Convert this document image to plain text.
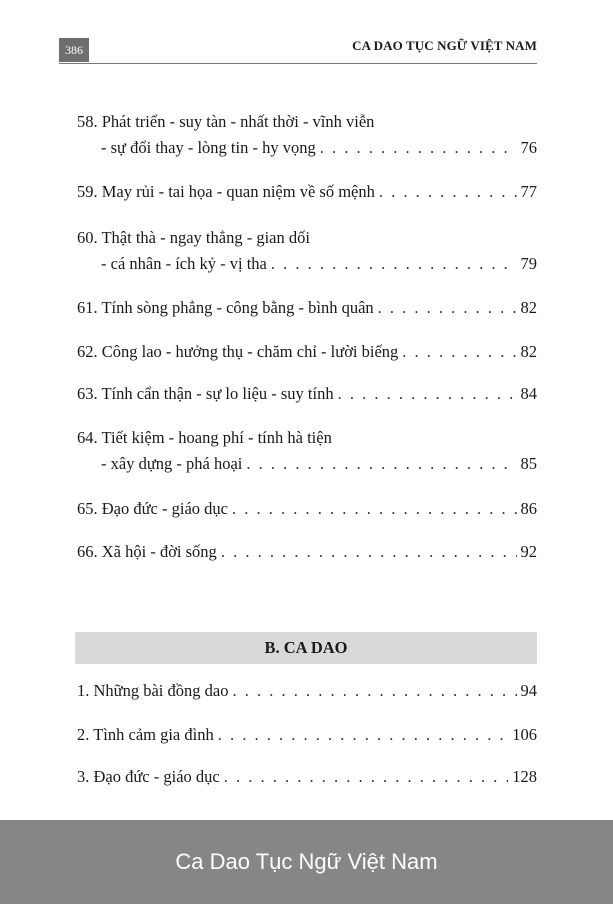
386	CA DAO TỤC NGỮ VIỆT NAM
58. Phát triển - suy tàn - nhất thời - vĩnh viễn
- sự đổi thay - lòng tin - hy vọng . . .	76
59. May rủi - tai họa - quan niệm về số mệnh . . .	77
60. Thật thà - ngay thẳng - gian dối
- cá nhân - ích kỷ - vị tha . . .	79
61. Tính sòng phẳng - công bằng - bình quân . . .	82
62. Công lao - hưởng thụ - chăm chỉ - lười biếng . . .	82
63. Tính cẩn thận - sự lo liệu - suy tính . . .	84
64. Tiết kiệm - hoang phí - tính hà tiện
- xây dựng - phá hoại . . .	85
65. Đạo đức - giáo dục . . .	86
66. Xã hội - đời sống . . .	92
B. CA DAO
1. Những bài đồng dao . . .	94
2. Tình cảm gia đình . . .	106
3. Đạo đức - giáo dục . . .	128
Ca Dao Tục Ngữ Việt Nam
